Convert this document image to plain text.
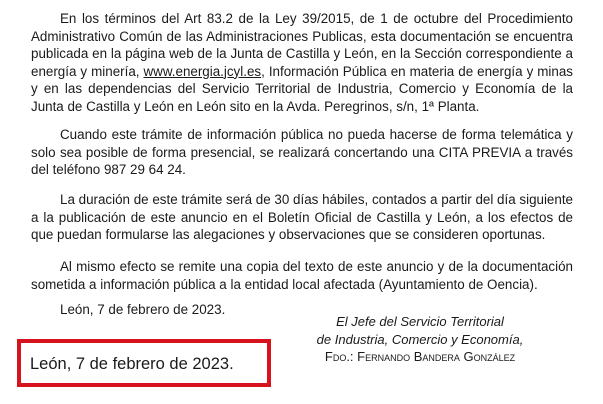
En los términos del Art 83.2 de la Ley 39/2015, de 1 de octubre del Procedimiento Administrativo Común de las Administraciones Publicas, esta documentación se encuentra publicada en la página web de la Junta de Castilla y León, en la Sección correspondiente a energía y minería, www.energia.jcyl.es, Información Pública en materia de energía y minas y en las dependencias del Servicio Territorial de Industria, Comercio y Economía de la Junta de Castilla y León en León sito en la Avda. Peregrinos, s/n, 1ª Planta.

Cuando este trámite de información pública no pueda hacerse de forma telemática y solo sea posible de forma presencial, se realizará concertando una CITA PREVIA a través del teléfono 987 29 64 24.

La duración de este trámite será de 30 días hábiles, contados a partir del día siguiente a la publicación de este anuncio en el Boletín Oficial de Castilla y León, a los efectos de que puedan formularse las alegaciones y observaciones que se consideren oportunas.

Al mismo efecto se remite una copia del texto de este anuncio y de la documentación sometida a información pública a la entidad local afectada (Ayuntamiento de Oencia).

León, 7 de febrero de 2023.

El Jefe del Servicio Territorial
de Industria, Comercio y Economía,
Fdo.: Fernando Bandera González
León, 7 de febrero de 2023.
